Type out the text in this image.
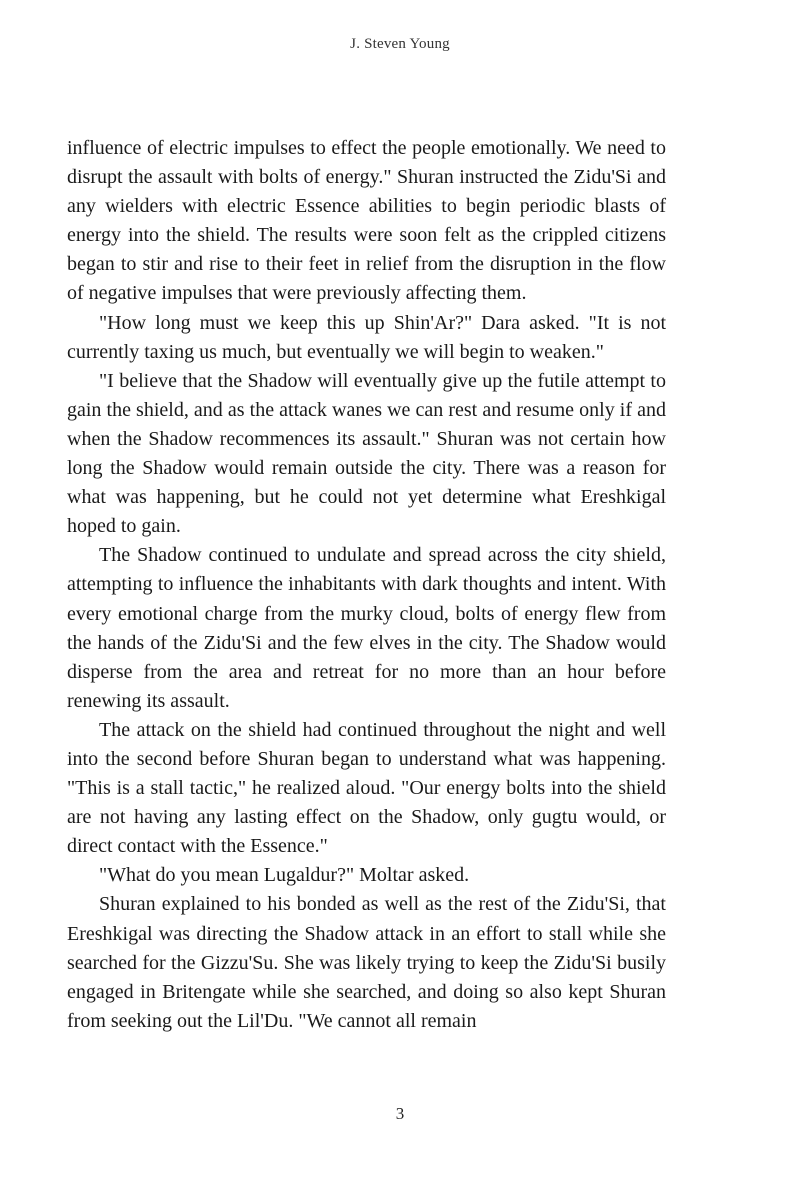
J. Steven Young

influence of electric impulses to effect the people emotionally. We need to disrupt the assault with bolts of energy." Shuran instructed the Zidu'Si and any wielders with electric Essence abilities to begin periodic blasts of energy into the shield. The results were soon felt as the crippled citizens began to stir and rise to their feet in relief from the disruption in the flow of negative impulses that were previously affecting them.

"How long must we keep this up Shin'Ar?" Dara asked. "It is not currently taxing us much, but eventually we will begin to weaken."

"I believe that the Shadow will eventually give up the futile attempt to gain the shield, and as the attack wanes we can rest and resume only if and when the Shadow recommences its assault." Shuran was not certain how long the Shadow would remain outside the city. There was a reason for what was happening, but he could not yet determine what Ereshkigal hoped to gain.

The Shadow continued to undulate and spread across the city shield, attempting to influence the inhabitants with dark thoughts and intent. With every emotional charge from the murky cloud, bolts of energy flew from the hands of the Zidu'Si and the few elves in the city. The Shadow would disperse from the area and retreat for no more than an hour before renewing its assault.

The attack on the shield had continued throughout the night and well into the second before Shuran began to understand what was happening. "This is a stall tactic," he realized aloud. "Our energy bolts into the shield are not having any lasting effect on the Shadow, only gugtu would, or direct contact with the Essence."

"What do you mean Lugaldur?" Moltar asked.

Shuran explained to his bonded as well as the rest of the Zidu'Si, that Ereshkigal was directing the Shadow attack in an effort to stall while she searched for the Gizzu'Su. She was likely trying to keep the Zidu'Si busily engaged in Britengate while she searched, and doing so also kept Shuran from seeking out the Lil'Du. "We cannot all remain

3
